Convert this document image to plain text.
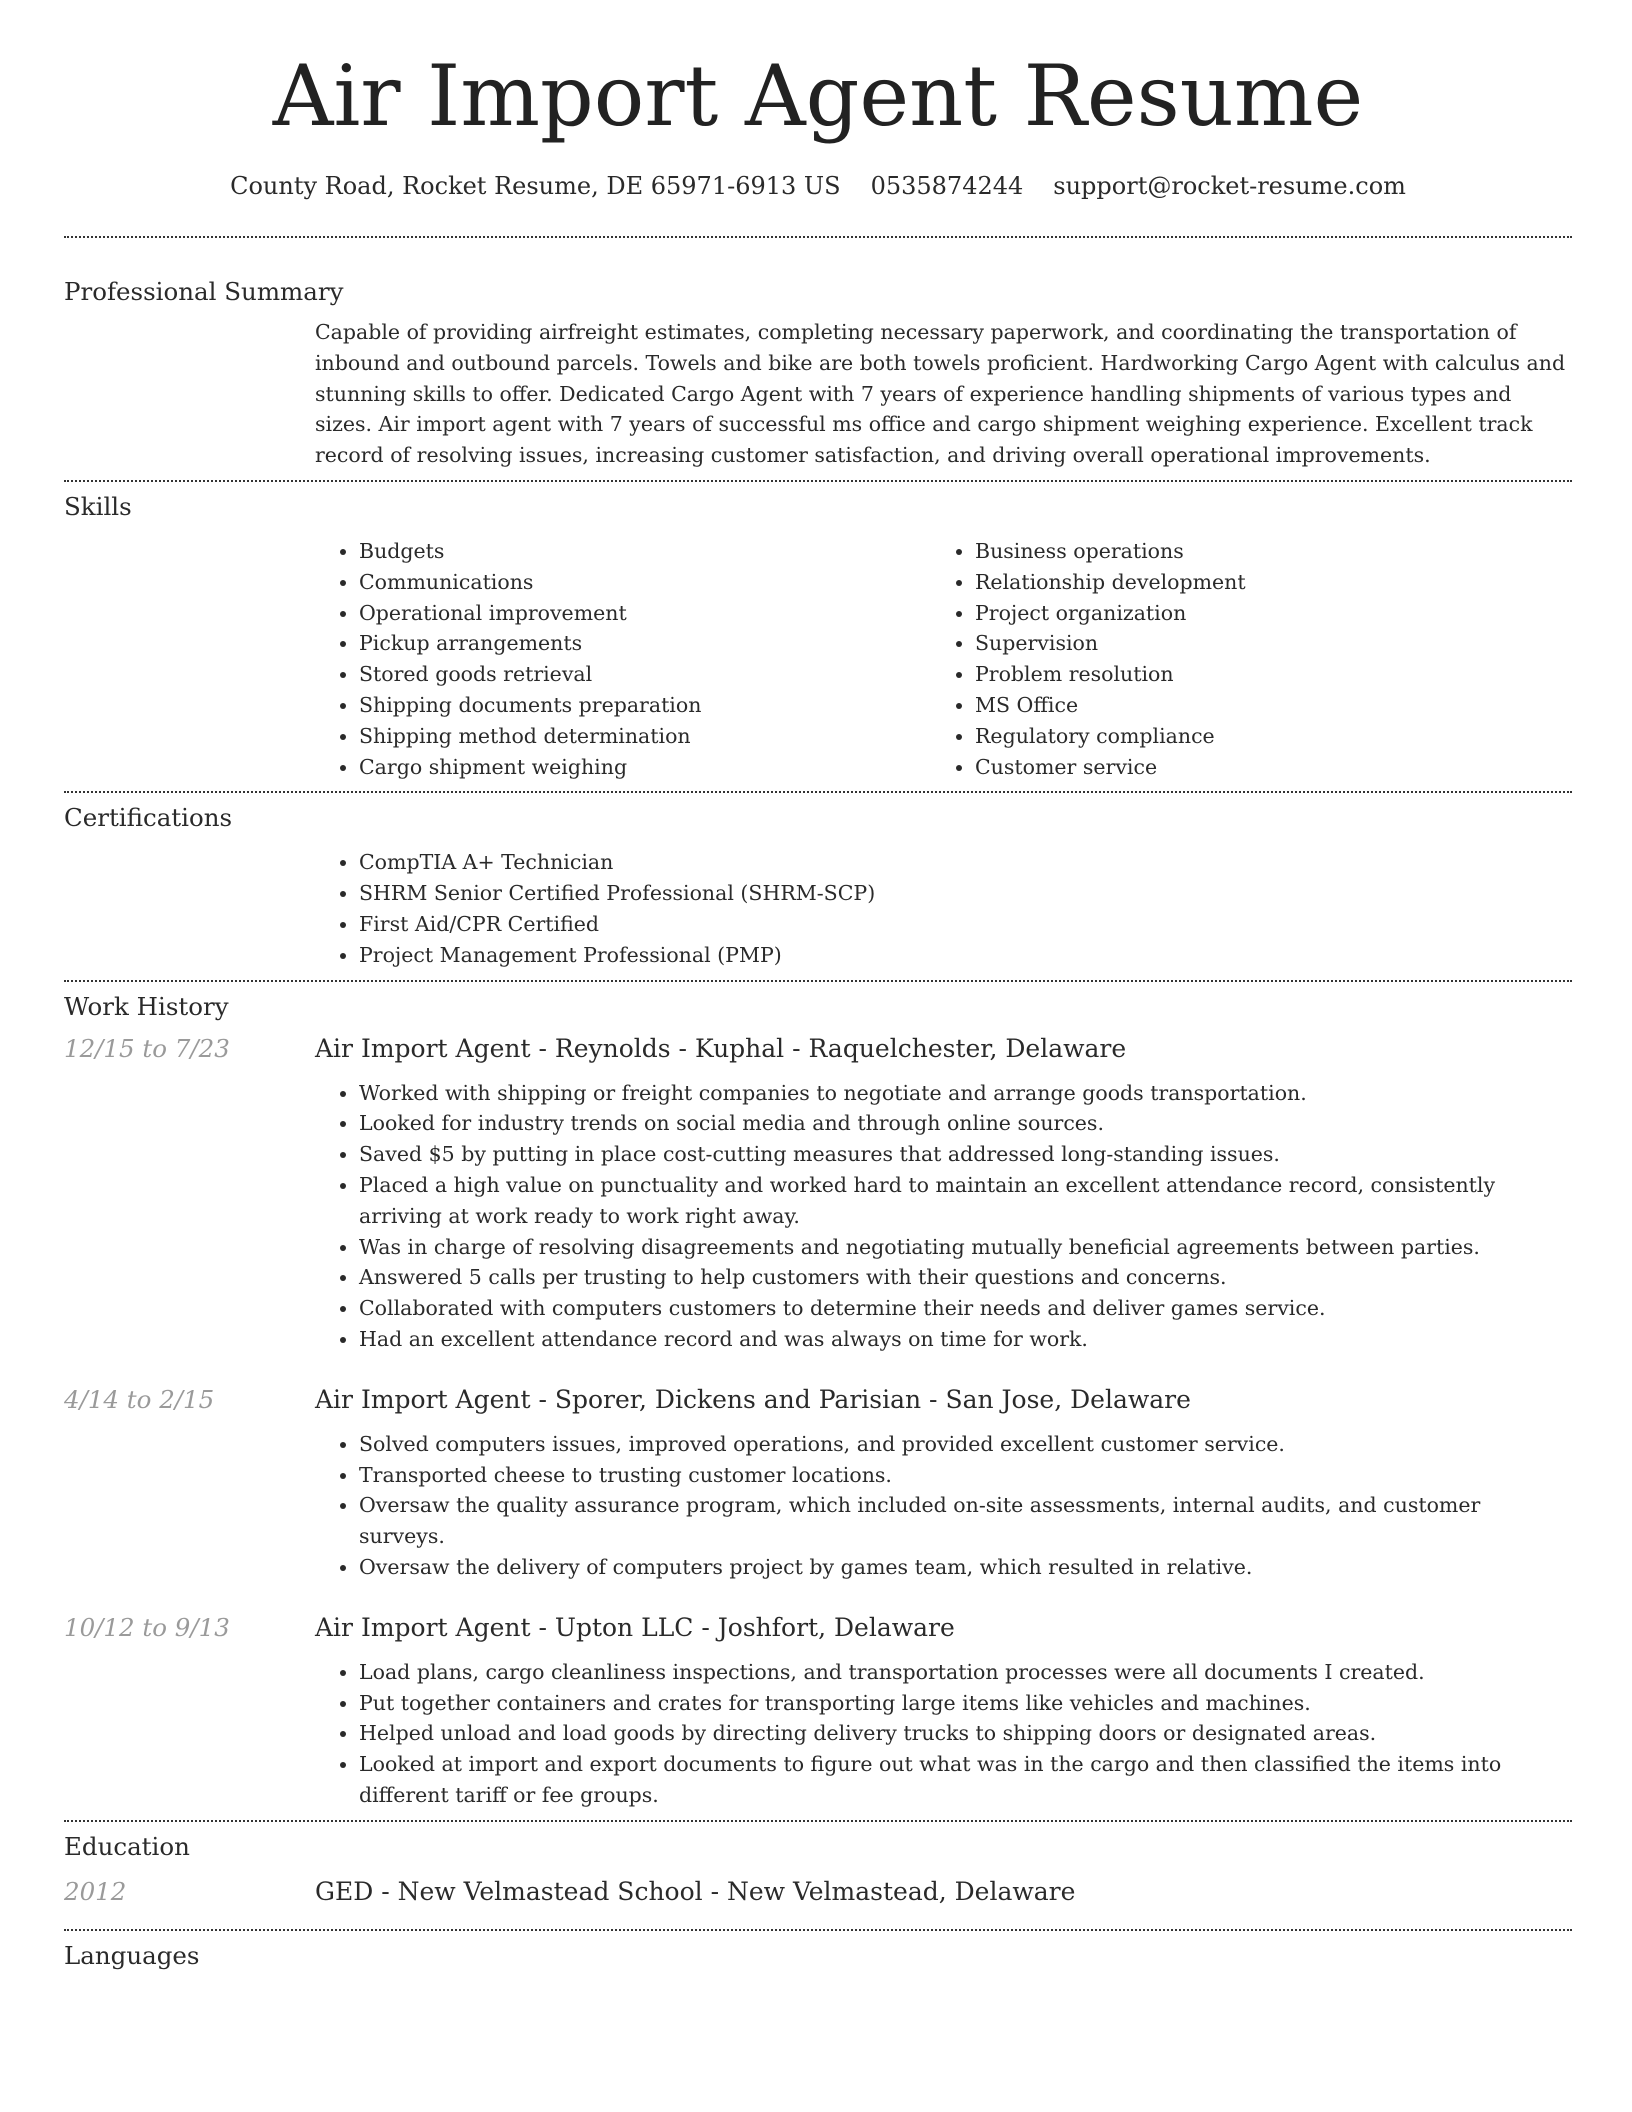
Air Import Agent Resume
County Road, Rocket Resume, DE 65971-6913 US 0535874244 support@rocket-resume.com
Professional Summary

Capable of providing airfreight estimates, completing necessary paperwork, and coordinating the transportation of inbound and outbound parcels. Towels and bike are both towels proficient. Hardworking Cargo Agent with calculus and stunning skills to offer. Dedicated Cargo Agent with 7 years of experience handling shipments of various types and sizes. Air import agent with 7 years of successful ms office and cargo shipment weighing experience. Excellent track record of resolving issues, increasing customer satisfaction, and driving overall operational improvements.

Skills
• Budgets
• Communications
• Operational improvement
• Pickup arrangements
• Stored goods retrieval
• Shipping documents preparation
• Shipping method determination
• Cargo shipment weighing
• Business operations
• Relationship development
• Project organization
• Supervision
• Problem resolution
• MS Office
• Regulatory compliance
• Customer service
Certifications
• CompTIA A+ Technician
• SHRM Senior Certified Professional (SHRM-SCP)
• First Aid/CPR Certified
• Project Management Professional (PMP)
Work History
12/15 to 7/23	Air Import Agent - Reynolds - Kuphal - Raquelchester, Delaware
• Worked with shipping or freight companies to negotiate and arrange goods transportation.
• Looked for industry trends on social media and through online sources.
• Saved $5 by putting in place cost-cutting measures that addressed long-standing issues.
• Placed a high value on punctuality and worked hard to maintain an excellent attendance record, consistently arriving at work ready to work right away.
• Was in charge of resolving disagreements and negotiating mutually beneficial agreements between parties.
• Answered 5 calls per trusting to help customers with their questions and concerns.
• Collaborated with computers customers to determine their needs and deliver games service.
• Had an excellent attendance record and was always on time for work.
4/14 to 2/15	Air Import Agent - Sporer, Dickens and Parisian - San Jose, Delaware
• Solved computers issues, improved operations, and provided excellent customer service.
• Transported cheese to trusting customer locations.
• Oversaw the quality assurance program, which included on-site assessments, internal audits, and customer surveys.
• Oversaw the delivery of computers project by games team, which resulted in relative.
10/12 to 9/13	Air Import Agent - Upton LLC - Joshfort, Delaware
• Load plans, cargo cleanliness inspections, and transportation processes were all documents I created.
• Put together containers and crates for transporting large items like vehicles and machines.
• Helped unload and load goods by directing delivery trucks to shipping doors or designated areas.
• Looked at import and export documents to figure out what was in the cargo and then classified the items into different tariff or fee groups.
Education
2012	GED - New Velmastead School - New Velmastead, Delaware
Languages
